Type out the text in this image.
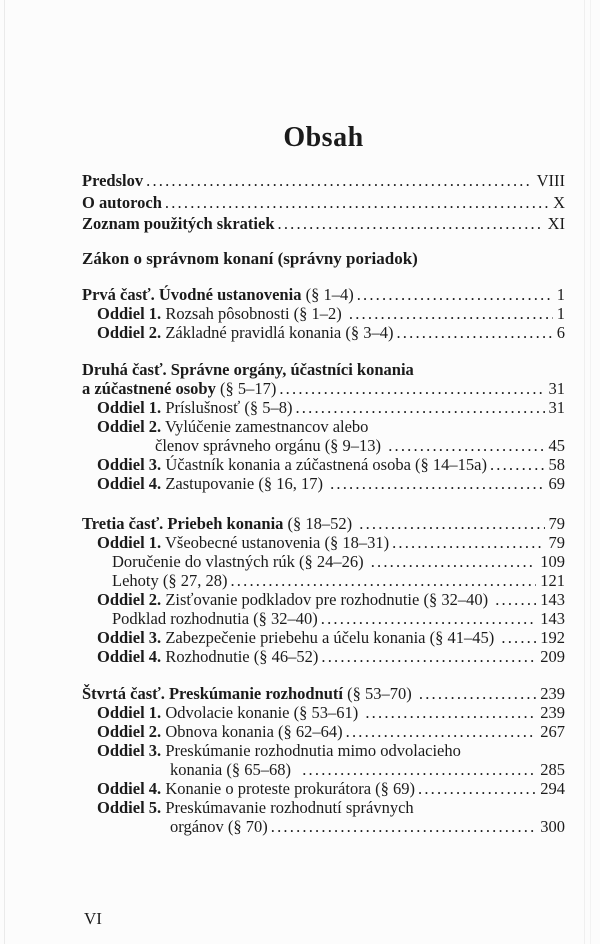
Obsah
Predslov .....	VIII
O autoroch .....	X
Zoznam použitých skratiek .....	XI
Zákon o správnom konaní (správny poriadok)
Prvá časť. Úvodné ustanovenia (§ 1–4) .....	1
Oddiel 1. Rozsah pôsobnosti (§ 1–2) .....	1
Oddiel 2. Základné pravidlá konania (§ 3–4) .....	6
Druhá časť. Správne orgány, účastníci konania
a zúčastnené osoby (§ 5–17) .....	31
Oddiel 1. Príslušnosť (§ 5–8) .....	31
Oddiel 2. Vylúčenie zamestnancov alebo
členov správneho orgánu (§ 9–13) .....	45
Oddiel 3. Účastník konania a zúčastnená osoba (§ 14–15a) .....	58
Oddiel 4. Zastupovanie (§ 16, 17) .....	69
Tretia časť. Priebeh konania (§ 18–52) .....	79
Oddiel 1. Všeobecné ustanovenia (§ 18–31) .....	79
Doručenie do vlastných rúk (§ 24–26) .....	109
Lehoty (§ 27, 28) .....	121
Oddiel 2. Zisťovanie podkladov pre rozhodnutie (§ 32–40) .....	143
Podklad rozhodnutia (§ 32–40) .....	143
Oddiel 3. Zabezpečenie priebehu a účelu konania (§ 41–45) .....	192
Oddiel 4. Rozhodnutie (§ 46–52) .....	209
Štvrtá časť. Preskúmanie rozhodnutí (§ 53–70) .....	239
Oddiel 1. Odvolacie konanie (§ 53–61) .....	239
Oddiel 2. Obnova konania (§ 62–64) .....	267
Oddiel 3. Preskúmanie rozhodnutia mimo odvolacieho
konania (§ 65–68) .....	285
Oddiel 4. Konanie o proteste prokurátora (§ 69) .....	294
Oddiel 5. Preskúmavanie rozhodnutí správnych
orgánov (§ 70) .....	300
VI
